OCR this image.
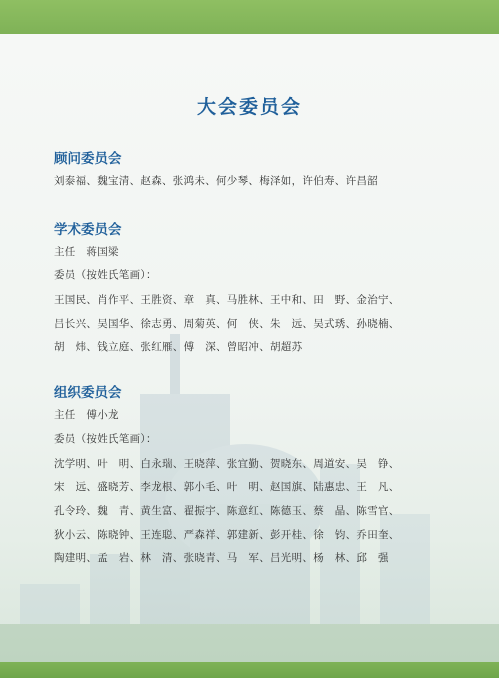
大会委员会
顾问委员会
刘泰福、魏宝清、赵森、张鸿未、何少琴、梅泽如，许伯寿、许昌韶
学术委员会
主任　蒋国梁
委员（按姓氏笔画）：
王国民、肖作平、王胜资、章　真、马胜林、王中和、田　野、金治宁、
吕长兴、吴国华、徐志勇、周菊英、何　侠、朱　远、吴式琇、孙晓楠、
胡　炜、钱立庭、张红雁、傅　深、曾昭冲、胡超苏
组织委员会
主任　傅小龙
委员（按姓氏笔画）：
沈学明、叶　明、白永瑞、王晓萍、张宜勤、贺晓东、周道安、吴　铮、
宋　远、盛晓芳、李龙根、郭小毛、叶　明、赵国旗、陆惠忠、王　凡、
孔令玲、魏　青、黄生富、翟振宇、陈意红、陈德玉、蔡　晶、陈雪官、
狄小云、陈晓钟、王连聪、严森祥、郭建新、彭开桂、徐　钧、乔田奎、
陶建明、孟　岩、林　清、张晓青、马　军、吕光明、杨　林、邱　强
